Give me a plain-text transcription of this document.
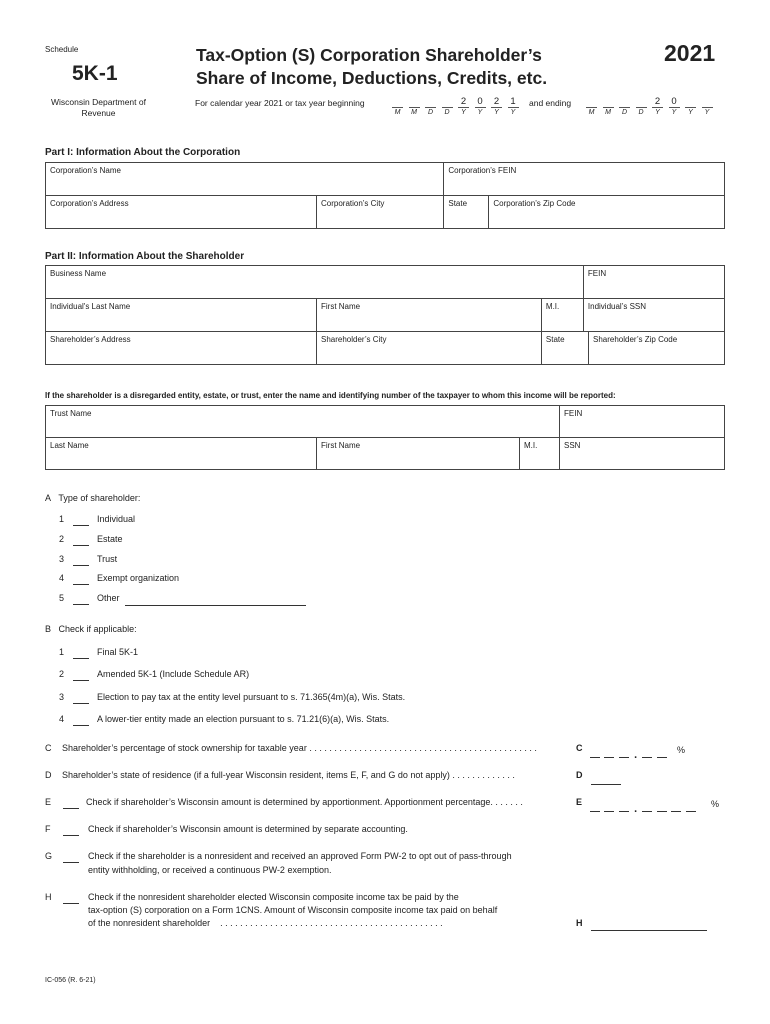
Schedule
5K-1
Wisconsin Department of Revenue
Tax-Option (S) Corporation Shareholder’s
Share of Income, Deductions, Credits, etc.
2021
For calendar year 2021 or tax year beginning
M	M	D	D
2
Y
0
Y
2
Y
1
Y
and ending
M	M	D	D
2
Y
0
Y	Y	Y
Part I: Information About the Corporation
Corporation’s Name		Corporation’s FEIN	
Corporation’s Address	Corporation’s City	State	Corporation’s Zip Code
Part II: Information About the Shareholder
Business Name			FEIN	
Individual's Last Name	First Name	M.I.	Individual’s SSN	
Shareholder’s Address	Shareholder’s City	State		Shareholder’s Zip Code
If the shareholder is a disregarded entity, estate, or trust, enter the name and identifying number of the taxpayer to whom this income will be reported:
Trust Name			FEIN
Last Name	First Name	M.I.	SSN
A Type of shareholder:
1	Individual
2	Estate
3	Trust
4	Exempt organization
5	Other
B Check if applicable:
1	Final 5K-1
2	Amended 5K-1 (Include Schedule AR)
3	Election to pay tax at the entity level pursuant to s. 71.365(4m)(a), Wis. Stats.
4	A lower-tier entity made an election pursuant to s. 71.21(6)(a), Wis. Stats.
C Shareholder’s percentage of stock ownership for taxable year . . . . . . . . . . . . . . . . . . . . . . . . . . . . . . . . . . . . . . . . . . . . . .	C	.	%
D Shareholder’s state of residence (if a full-year Wisconsin resident, items E, F, and G do not apply) . . . . . . . . . . . . .	D
E	Check if shareholder’s Wisconsin amount is determined by apportionment. Apportionment percentage. . . . . . .	E	.	%
F	Check if shareholder’s Wisconsin amount is determined by separate accounting.
G	Check if the shareholder is a nonresident and received an approved Form PW-2 to opt out of pass-through
entity withholding, or received a continuous PW-2 exemption.
H	Check if the nonresident shareholder elected Wisconsin composite income tax be paid by the
tax-option (S) corporation on a Form 1CNS. Amount of Wisconsin composite income tax paid on behalf
of the nonresident shareholder    . . . . . . . . . . . . . . . . . . . . . . . . . . . . . . . . . . . . . . . . . . . . .	H
IC-056 (R. 6-21)
